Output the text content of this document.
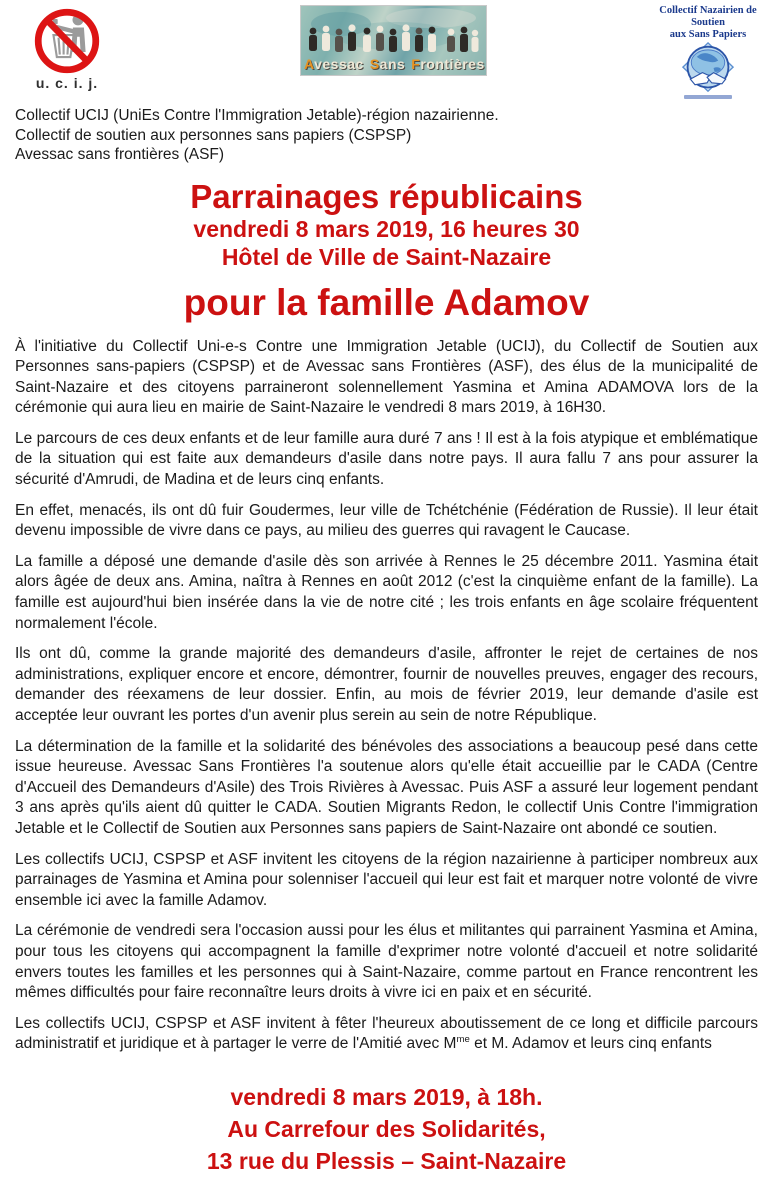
u. c. i. j.
Avessac Sans Frontières
Collectif Nazairien de Soutien
aux Sans Papiers
Collectif UCIJ (UniEs Contre l'Immigration Jetable)-région nazairienne.
Collectif de soutien aux personnes sans papiers (CSPSP)
Avessac sans frontières (ASF)
Parrainages républicains
vendredi 8 mars 2019, 16 heures 30
Hôtel de Ville de Saint-Nazaire
pour la famille Adamov

À l'initiative du Collectif Uni-e-s Contre une Immigration Jetable (UCIJ), du Collectif de Soutien aux Personnes sans-papiers (CSPSP) et de Avessac sans Frontières (ASF), des élus de la municipalité de Saint-Nazaire et des citoyens parraineront solennellement Yasmina et Amina ADAMOVA lors de la cérémonie qui aura lieu en mairie de Saint-Nazaire le vendredi 8 mars 2019, à 16H30.

Le parcours de ces deux enfants et de leur famille aura duré 7 ans ! Il est à la fois atypique et emblématique de la situation qui est faite aux demandeurs d'asile dans notre pays. Il aura fallu 7 ans pour assurer la sécurité d'Amrudi, de Madina et de leurs cinq enfants.

En effet, menacés, ils ont dû fuir Goudermes, leur ville de Tchétchénie (Fédération de Russie). Il leur était devenu impossible de vivre dans ce pays, au milieu des guerres qui ravagent le Caucase.

La famille a déposé une demande d'asile dès son arrivée à Rennes le 25 décembre 2011. Yasmina était alors âgée de deux ans. Amina, naîtra à Rennes en août 2012 (c'est la cinquième enfant de la famille). La famille est aujourd'hui bien insérée dans la vie de notre cité ; les trois enfants en âge scolaire fréquentent normalement l'école.

Ils ont dû, comme la grande majorité des demandeurs d'asile, affronter le rejet de certaines de nos administrations, expliquer encore et encore, démontrer, fournir de nouvelles preuves, engager des recours, demander des réexamens de leur dossier. Enfin, au mois de février 2019, leur demande d'asile est acceptée leur ouvrant les portes d'un avenir plus serein au sein de notre République.

La détermination de la famille et la solidarité des bénévoles des associations a beaucoup pesé dans cette issue heureuse. Avessac Sans Frontières l'a soutenue alors qu'elle était accueillie par le CADA (Centre d'Accueil des Demandeurs d'Asile) des Trois Rivières à Avessac. Puis ASF a assuré leur logement pendant 3 ans après qu'ils aient dû quitter le CADA. Soutien Migrants Redon, le collectif Unis Contre l'immigration Jetable et le Collectif de Soutien aux Personnes sans papiers de Saint-Nazaire ont abondé ce soutien.

Les collectifs UCIJ, CSPSP et ASF invitent les citoyens de la région nazairienne à participer nombreux aux parrainages de Yasmina et Amina pour solenniser l'accueil qui leur est fait et marquer notre volonté de vivre ensemble ici avec la famille Adamov.

La cérémonie de vendredi sera l'occasion aussi pour les élus et militantes qui parrainent Yasmina et Amina, pour tous les citoyens qui accompagnent la famille d'exprimer notre volonté d'accueil et notre solidarité envers toutes les familles et les personnes qui à Saint-Nazaire, comme partout en France rencontrent les mêmes difficultés pour faire reconnaître leurs droits à vivre ici en paix et en sécurité.

Les collectifs UCIJ, CSPSP et ASF invitent à fêter l'heureux aboutissement de ce long et difficile parcours administratif et juridique et à partager le verre de l'Amitié avec $M^{me}$ et M. Adamov et leurs cinq enfants

vendredi 8 mars 2019, à 18h.
Au Carrefour des Solidarités,
13 rue du Plessis – Saint-Nazaire
